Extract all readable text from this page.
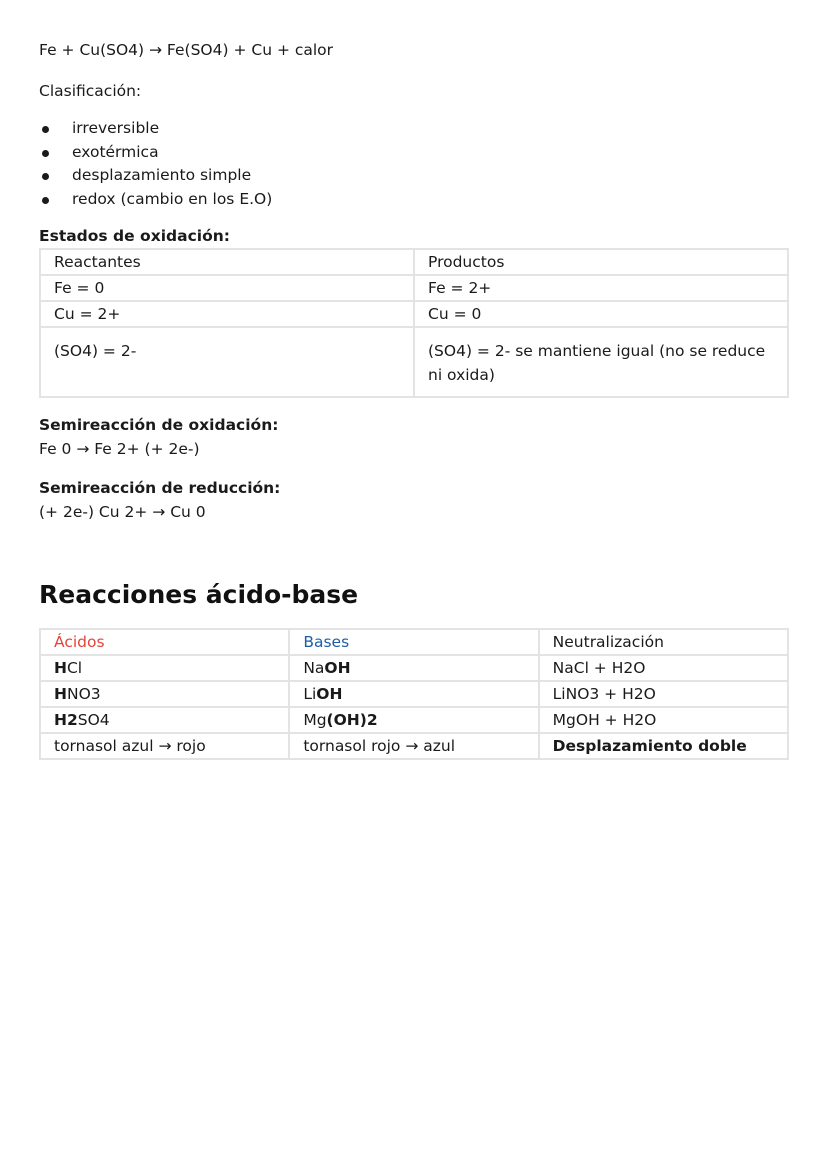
Fe + Cu(SO4) → Fe(SO4) + Cu + calor

Clasificación:

irreversible
exotérmica
desplazamiento simple
redox (cambio en los E.O)
Estados de oxidación:
Reactantes	Productos
Fe = 0	Fe = 2+
Cu = 2+	Cu = 0
(SO4) = 2-	(SO4) = 2- se mantiene igual (no se reduce ni oxida)
Semireacción de oxidación:

Fe 0 → Fe 2+ (+ 2e-)

Semireacción de reducción:

(+ 2e-) Cu 2+ → Cu 0

Reacciones ácido-base
Ácidos	Bases	Neutralización
HCl	NaOH	NaCl + H2O
HNO3	LiOH	LiNO3 + H2O
H2SO4	Mg(OH)2	MgOH + H2O
tornasol azul → rojo	tornasol rojo → azul	Desplazamiento doble
